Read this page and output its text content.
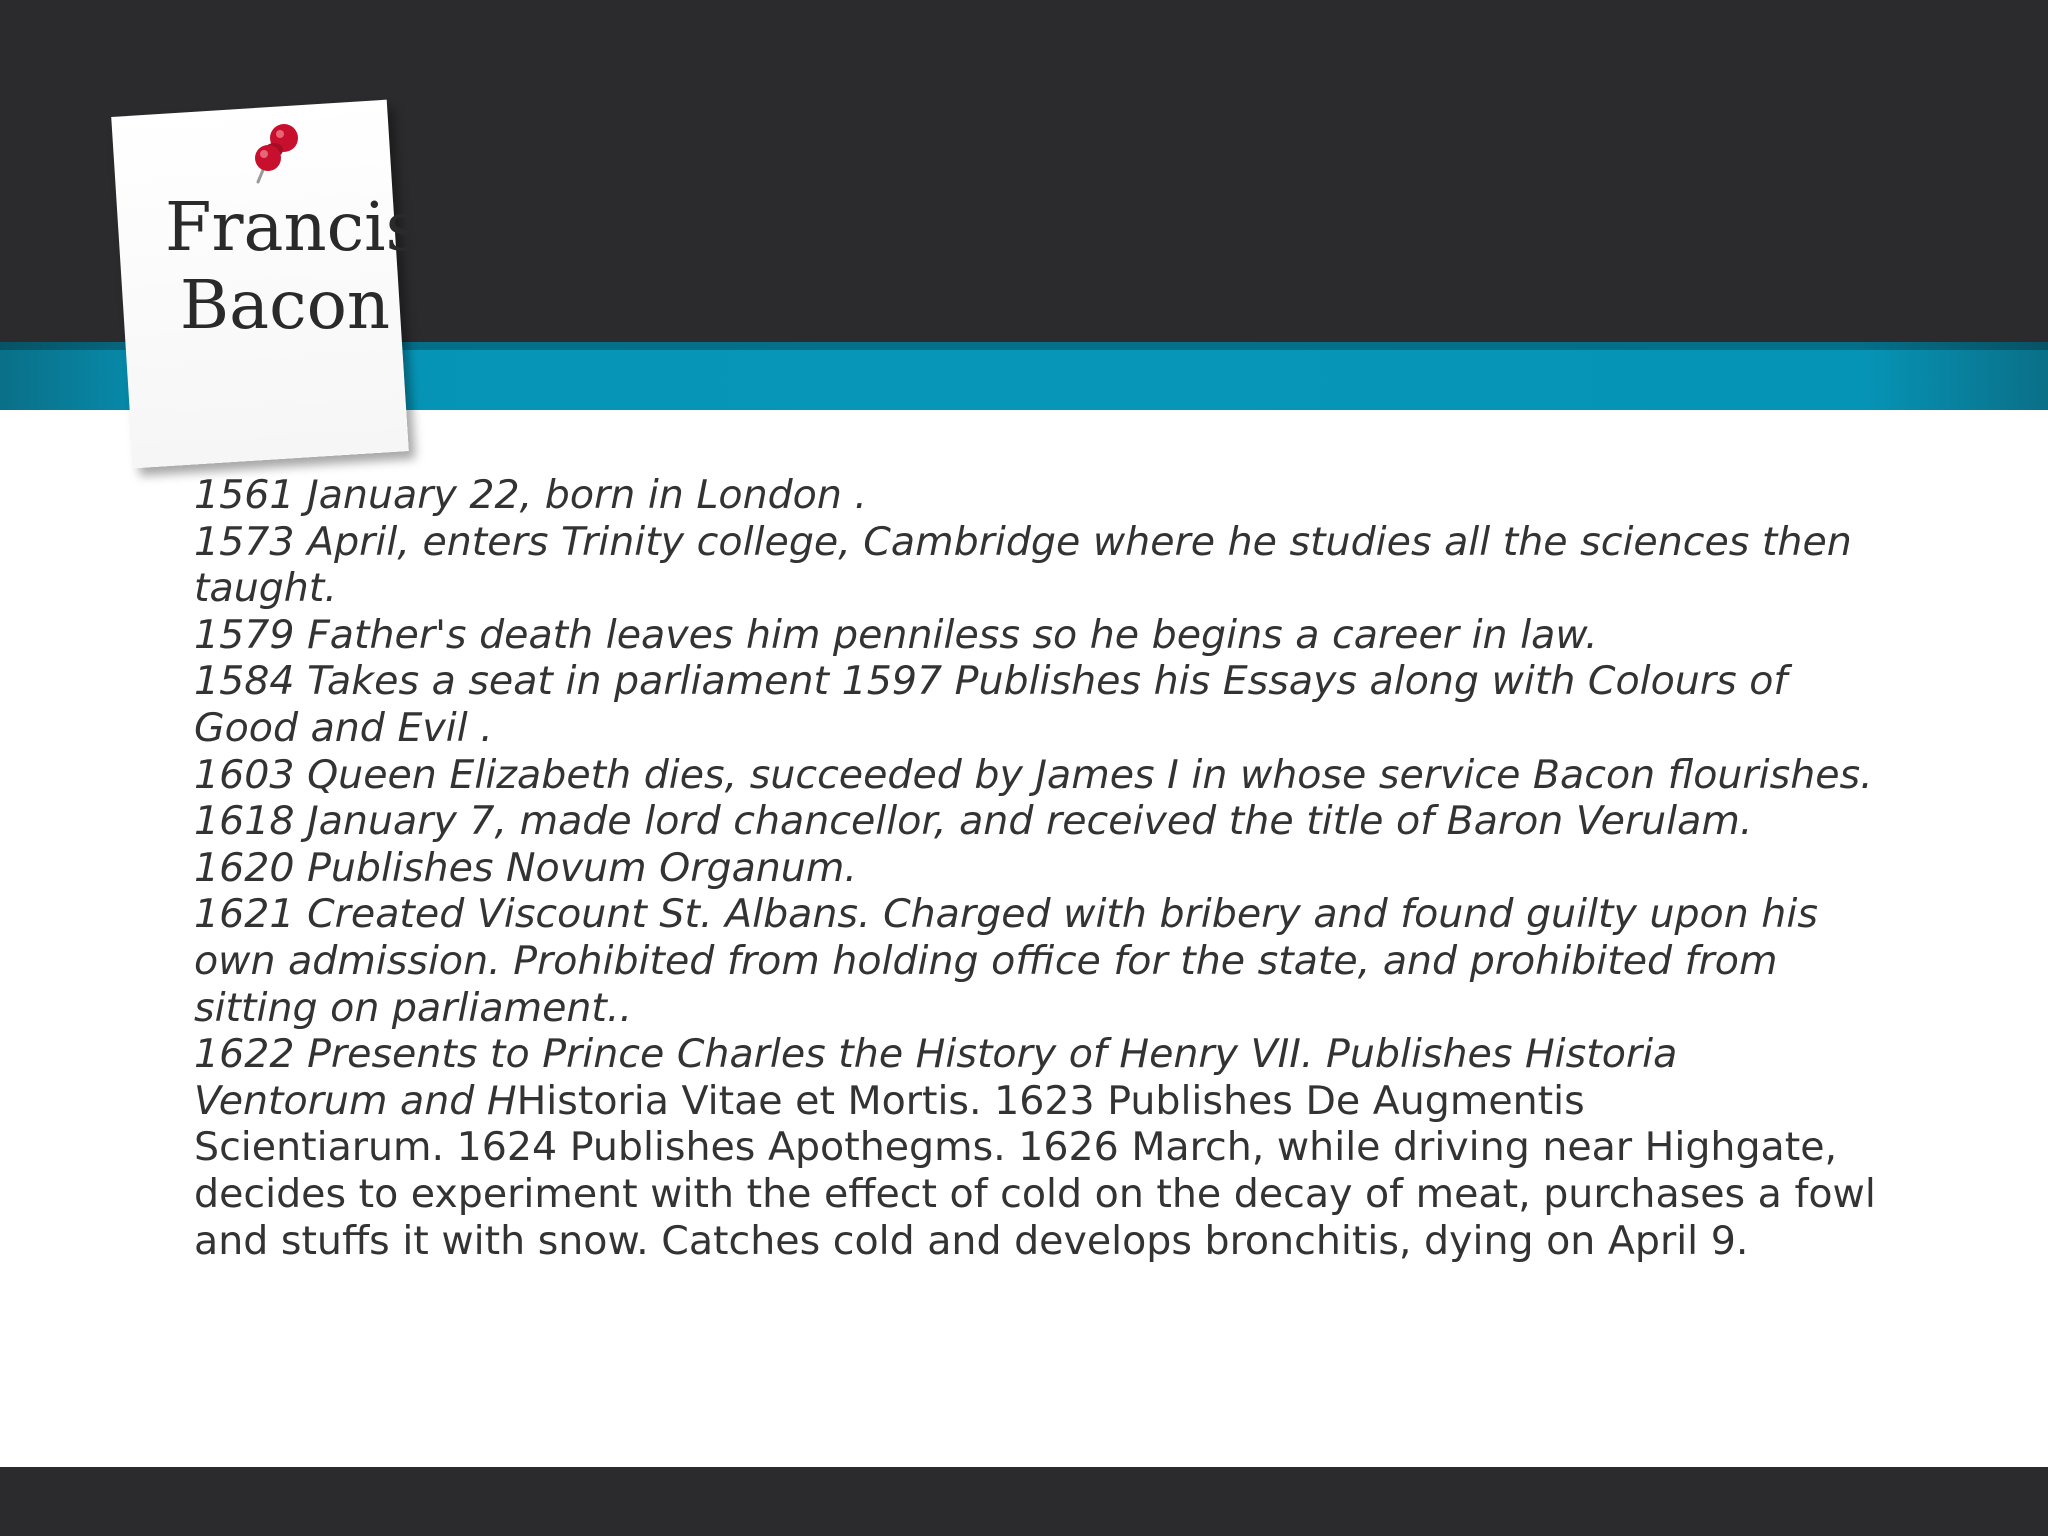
Francis
Bacon
1561 January 22, born in London .
1573 April, enters Trinity college, Cambridge where he studies all the sciences then
taught.
1579 Father's death leaves him penniless so he begins a career in law.
1584 Takes a seat in parliament 1597 Publishes his Essays along with Colours of
Good and Evil .
1603 Queen Elizabeth dies, succeeded by James I in whose service Bacon flourishes.
1618 January 7, made lord chancellor, and received the title of Baron Verulam.
1620 Publishes Novum Organum.
1621 Created Viscount St. Albans. Charged with bribery and found guilty upon his
own admission. Prohibited from holding office for the state, and prohibited from
sitting on parliament..
1622 Presents to Prince Charles the History of Henry VII. Publishes Historia
Ventorum and HHistoria Vitae et Mortis. 1623 Publishes De Augmentis
Scientiarum. 1624 Publishes Apothegms. 1626 March, while driving near Highgate,
decides to experiment with the effect of cold on the decay of meat, purchases a fowl
and stuffs it with snow. Catches cold and develops bronchitis, dying on April 9.
